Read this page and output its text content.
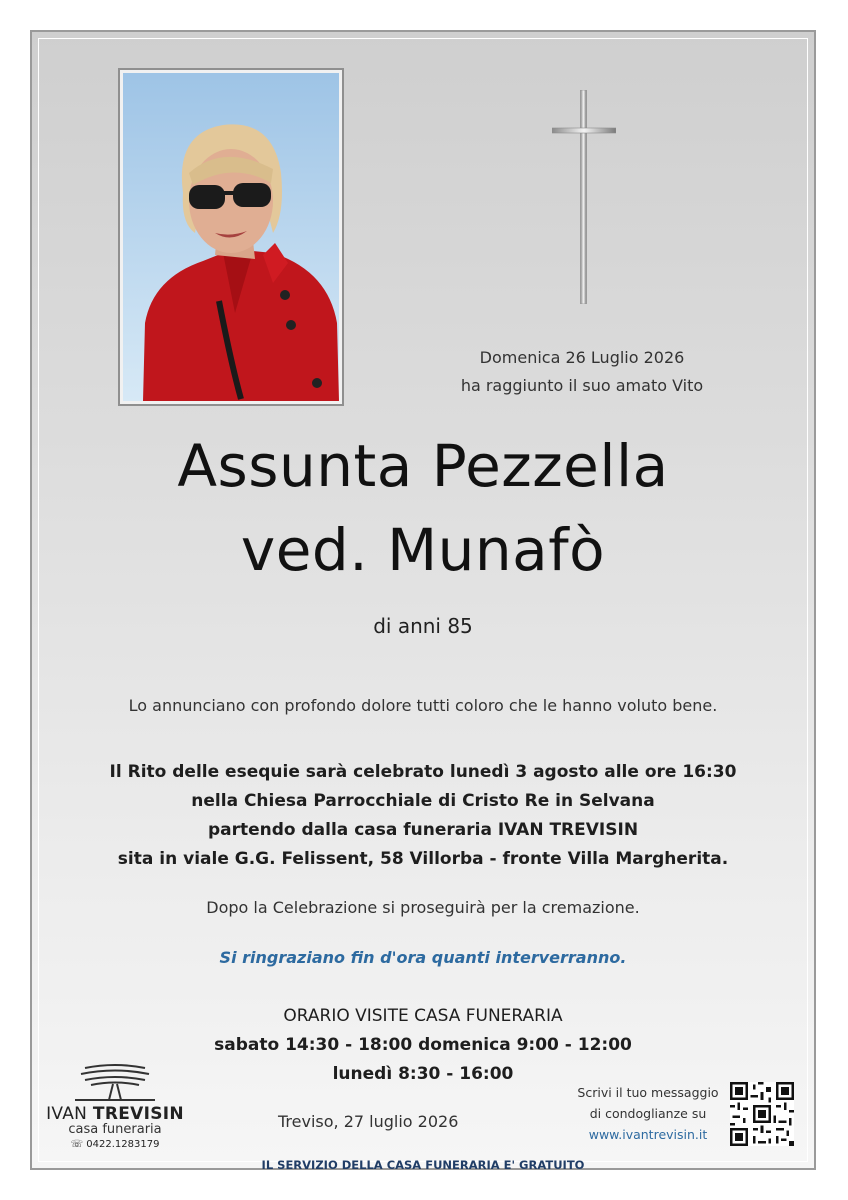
Domenica 26 Luglio 2026
ha raggiunto il suo amato Vito
Assunta Pezzella
ved. Munafò
di anni 85
Lo annunciano con profondo dolore tutti coloro che le hanno voluto bene.
Il Rito delle esequie sarà celebrato lunedì 3 agosto alle ore 16:30
nella Chiesa Parrocchiale di Cristo Re in Selvana
partendo dalla casa funeraria IVAN TREVISIN
sita in viale G.G. Felissent, 58 Villorba - fronte Villa Margherita.
Dopo la Celebrazione si proseguirà per la cremazione.
Si ringraziano fin d'ora quanti interverranno.
ORARIO VISITE CASA FUNERARIA
sabato 14:30 - 18:00 domenica 9:00 - 12:00
lunedì 8:30 - 16:00
IVAN TREVISIN
casa funeraria
☏ 0422.1283179
Treviso, 27 luglio 2026
Scrivi il tuo messaggio
di condoglianze su
www.ivantrevisin.it
IL SERVIZIO DELLA CASA FUNERARIA E' GRATUITO
